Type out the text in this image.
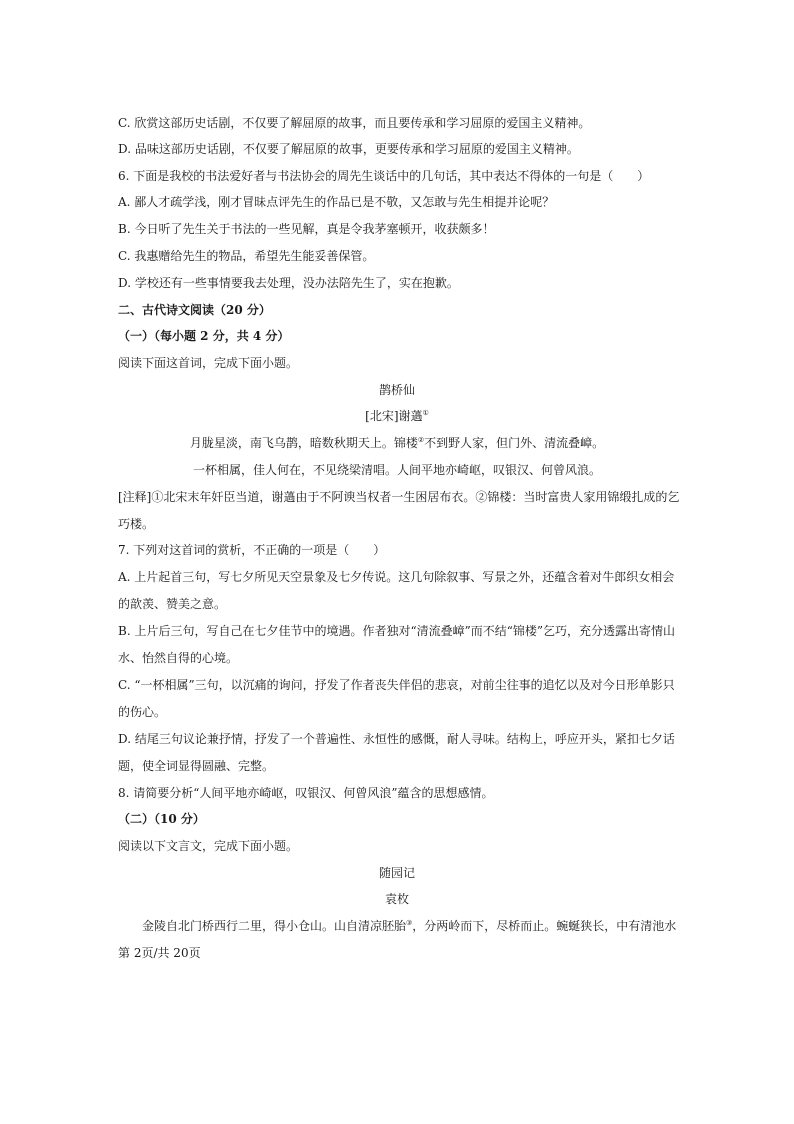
C. 欣赏这部历史话剧，不仅要了解屈原的故事，而且要传承和学习屈原的爱国主义精神。
D. 品味这部历史话剧，不仅要了解屈原的故事，更要传承和学习屈原的爱国主义精神。
6. 下面是我校的书法爱好者与书法协会的周先生谈话中的几句话，其中表达不得体的一句是（　　）
A. 鄙人才疏学浅，刚才冒昧点评先生的作品已是不敬，又怎敢与先生相提并论呢？
B. 今日听了先生关于书法的一些见解，真是令我茅塞顿开，收获颇多！
C. 我惠赠给先生的物品，希望先生能妥善保管。
D. 学校还有一些事情要我去处理，没办法陪先生了，实在抱歉。
二、古代诗文阅读（20 分）
（一）（每小题 2 分，共 4 分）
阅读下面这首词，完成下面小题。
鹊桥仙
[北宋]谢薖①
月胧星淡，南飞乌鹊，暗数秋期天上。锦楼②不到野人家，但门外、清流叠嶂。
一杯相属，佳人何在，不见绕梁清唱。人间平地亦崎岖，叹银汉、何曾风浪。
[注释]①北宋末年奸臣当道，谢薖由于不阿谀当权者一生困居布衣。②锦楼：当时富贵人家用锦缎扎成的乞
巧楼。
7. 下列对这首词的赏析，不正确的一项是（　　）
A. 上片起首三句，写七夕所见天空景象及七夕传说。这几句除叙事、写景之外，还蕴含着对牛郎织女相会
的歆羡、赞美之意。
B. 上片后三句，写自己在七夕佳节中的境遇。作者独对“清流叠嶂”而不结“锦楼”乞巧，充分透露出寄情山
水、怡然自得的心境。
C. “一杯相属”三句，以沉痛的询问，抒发了作者丧失伴侣的悲哀，对前尘往事的追忆以及对今日形单影只
的伤心。
D. 结尾三句议论兼抒情，抒发了一个普遍性、永恒性的感慨，耐人寻味。结构上，呼应开头，紧扣七夕话
题，使全词显得圆融、完整。
8. 请简要分析“人间平地亦崎岖，叹银汉、何曾风浪”蕴含的思想感情。
（二）（10 分）
阅读以下文言文，完成下面小题。
随园记
袁枚
金陵自北门桥西行二里，得小仓山。山自清凉胚胎③，分两岭而下，尽桥而止。蜿蜒狭长，中有清池水
第 2页/共 20页
